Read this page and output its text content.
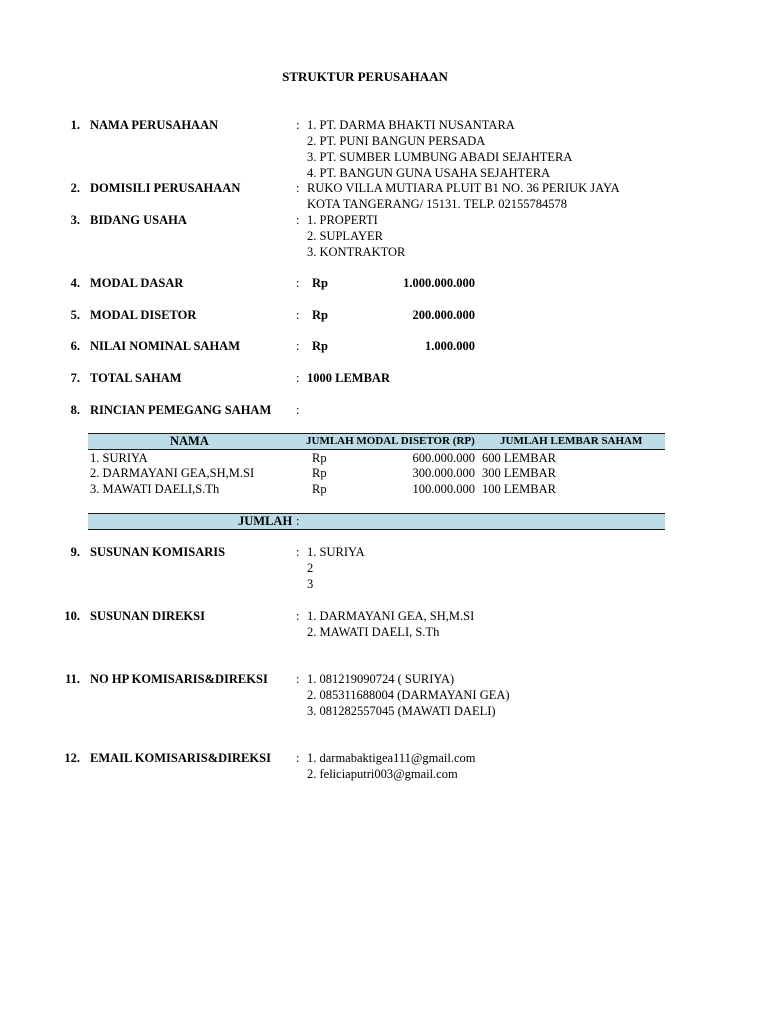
STRUKTUR PERUSAHAAN
1. NAMA PERUSAHAAN	: 1. PT. DARMA BHAKTI NUSANTARA
2. PT. PUNI BANGUN PERSADA
3. PT. SUMBER LUMBUNG ABADI SEJAHTERA
4. PT. BANGUN GUNA USAHA SEJAHTERA
2. DOMISILI PERUSAHAAN	: RUKO VILLA MUTIARA PLUIT B1 NO. 36 PERIUK JAYA
KOTA TANGERANG/ 15131. TELP. 02155784578
3. BIDANG USAHA	: 1. PROPERTI
2. SUPLAYER
3. KONTRAKTOR
4. MODAL DASAR	: Rp	1.000.000.000
5. MODAL DISETOR	: Rp	200.000.000
6. NILAI NOMINAL SAHAM	: Rp	1.000.000
7. TOTAL SAHAM	: 1000 LEMBAR
8. RINCIAN PEMEGANG SAHAM :
NAMA	JUMLAH MODAL DISETOR (RP) JUMLAH LEMBAR SAHAM
1. SURIYA	Rp	600.000.000 600 LEMBAR
2. DARMAYANI GEA,SH,M.SI	Rp	300.000.000 300 LEMBAR
3. MAWATI DAELI,S.Th	Rp	100.000.000 100 LEMBAR
JUMLAH :
9. SUSUNAN KOMISARIS	: 1. SURIYA
2
3
10. SUSUNAN DIREKSI	: 1. DARMAYANI GEA, SH,M.SI
2. MAWATI DAELI, S.Th
11. NO HP KOMISARIS&DIREKSI : 1. 081219090724 ( SURIYA)
2. 085311688004 (DARMAYANI GEA)
3. 081282557045 (MAWATI DAELI)
12. EMAIL KOMISARIS&DIREKSI : 1. darmabaktigea111@gmail.com
2. feliciaputri003@gmail.com
